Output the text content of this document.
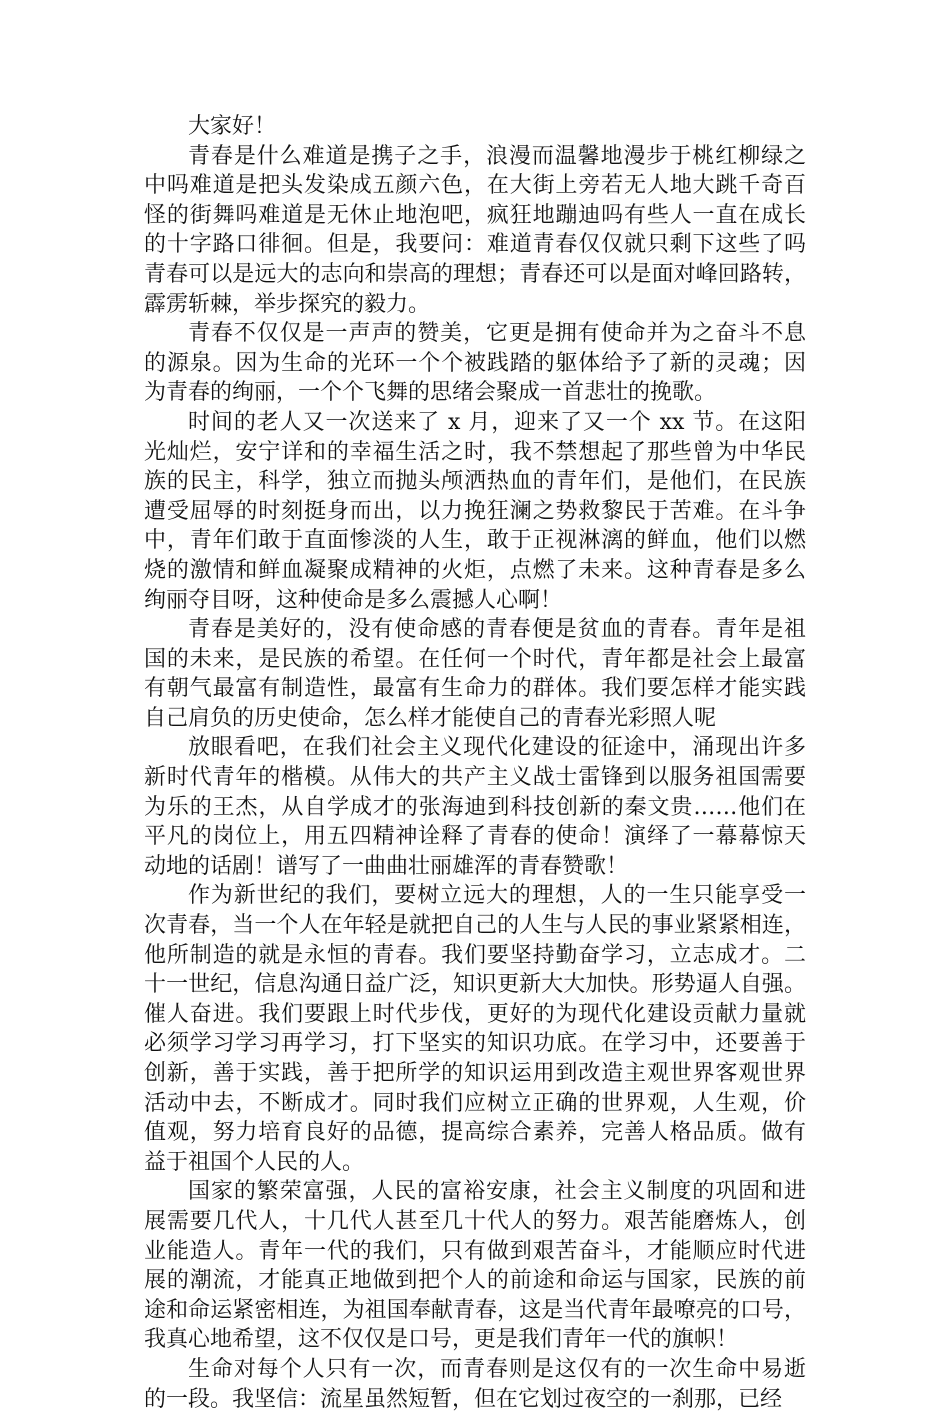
大家好！

青春是什么难道是携子之手，浪漫而温馨地漫步于桃红柳绿之
中吗难道是把头发染成五颜六色，在大街上旁若无人地大跳千奇百
怪的街舞吗难道是无休止地泡吧，疯狂地蹦迪吗有些人一直在成长
的十字路口徘徊。但是，我要问：难道青春仅仅就只剩下这些了吗
青春可以是远大的志向和崇高的理想；青春还可以是面对峰回路转，
霹雳斩棘，举步探究的毅力。

青春不仅仅是一声声的赞美，它更是拥有使命并为之奋斗不息
的源泉。因为生命的光环一个个被践踏的躯体给予了新的灵魂；因
为青春的绚丽，一个个飞舞的思绪会聚成一首悲壮的挽歌。

时间的老人又一次送来了 x 月，迎来了又一个 xx 节。在这阳
光灿烂，安宁详和的幸福生活之时，我不禁想起了那些曾为中华民
族的民主，科学，独立而抛头颅洒热血的青年们，是他们，在民族
遭受屈辱的时刻挺身而出，以力挽狂澜之势救黎民于苦难。在斗争
中，青年们敢于直面惨淡的人生，敢于正视淋漓的鲜血，他们以燃
烧的激情和鲜血凝聚成精神的火炬，点燃了未来。这种青春是多么
绚丽夺目呀，这种使命是多么震撼人心啊！

青春是美好的，没有使命感的青春便是贫血的青春。青年是祖
国的未来，是民族的希望。在任何一个时代，青年都是社会上最富
有朝气最富有制造性，最富有生命力的群体。我们要怎样才能实践
自己肩负的历史使命，怎么样才能使自己的青春光彩照人呢

放眼看吧，在我们社会主义现代化建设的征途中，涌现出许多
新时代青年的楷模。从伟大的共产主义战士雷锋到以服务祖国需要
为乐的王杰，从自学成才的张海迪到科技创新的秦文贵……他们在
平凡的岗位上，用五四精神诠释了青春的使命！演绎了一幕幕惊天
动地的话剧！谱写了一曲曲壮丽雄浑的青春赞歌！

作为新世纪的我们，要树立远大的理想，人的一生只能享受一
次青春，当一个人在年轻是就把自己的人生与人民的事业紧紧相连，
他所制造的就是永恒的青春。我们要坚持勤奋学习，立志成才。二
十一世纪，信息沟通日益广泛，知识更新大大加快。形势逼人自强。
催人奋进。我们要跟上时代步伐，更好的为现代化建设贡献力量就
必须学习学习再学习，打下坚实的知识功底。在学习中，还要善于
创新，善于实践，善于把所学的知识运用到改造主观世界客观世界
活动中去，不断成才。同时我们应树立正确的世界观，人生观，价
值观，努力培育良好的品德，提高综合素养，完善人格品质。做有
益于祖国个人民的人。

国家的繁荣富强，人民的富裕安康，社会主义制度的巩固和进
展需要几代人，十几代人甚至几十代人的努力。艰苦能磨炼人，创
业能造人。青年一代的我们，只有做到艰苦奋斗，才能顺应时代进
展的潮流，才能真正地做到把个人的前途和命运与国家，民族的前
途和命运紧密相连，为祖国奉献青春，这是当代青年最嘹亮的口号，
我真心地希望，这不仅仅是口号，更是我们青年一代的旗帜！

生命对每个人只有一次，而青春则是这仅有的一次生命中易逝
的一段。我坚信：流星虽然短暂，但在它划过夜空的一刹那，已经
